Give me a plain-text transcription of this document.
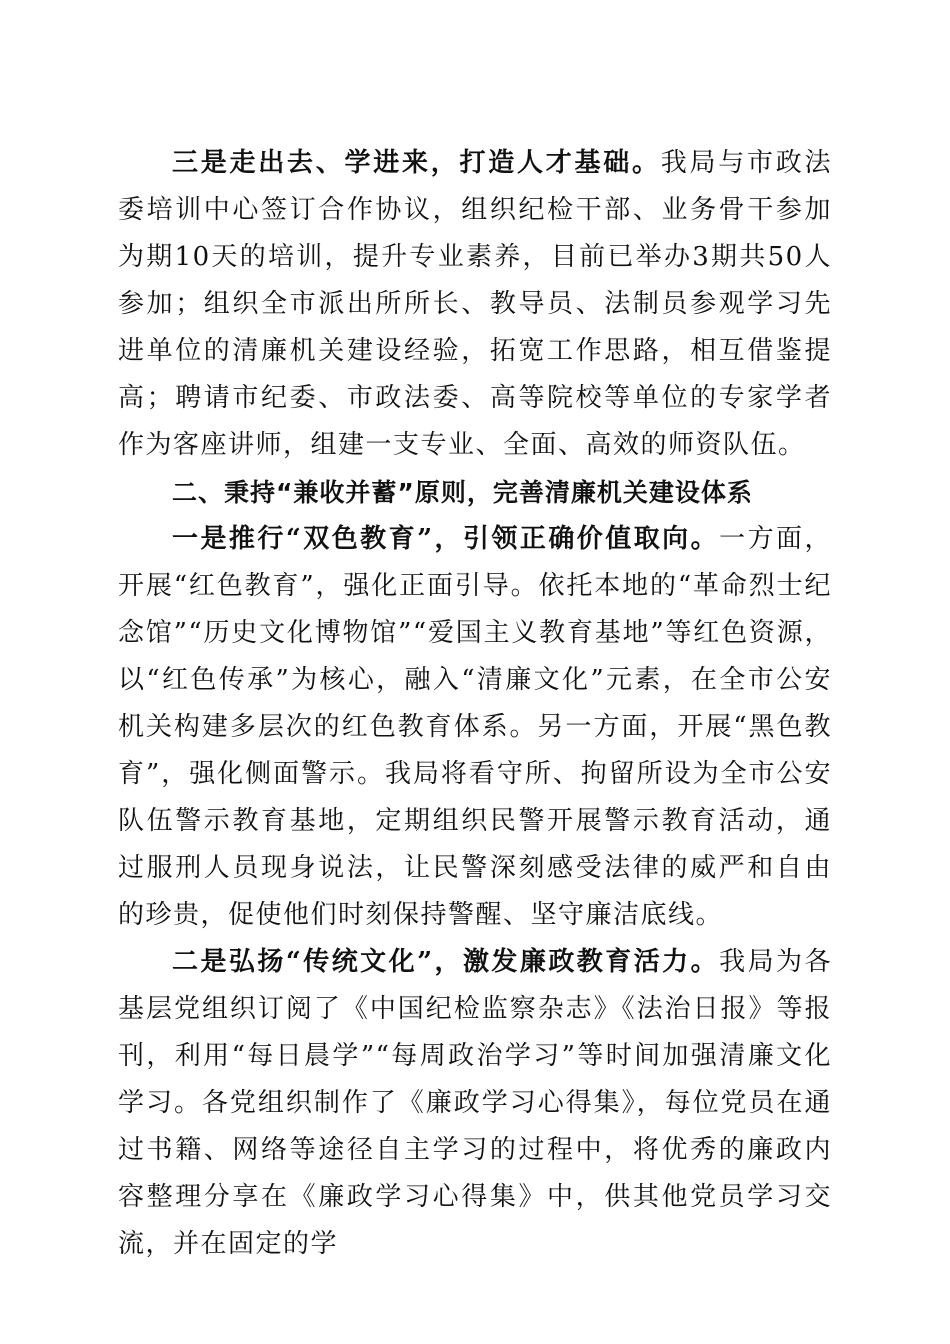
三是走出去、学进来，打造人才基础。我局与市政法委培训中心签订合作协议，组织纪检干部、业务骨干参加为期10天的培训，提升专业素养，目前已举办3期共50人参加；组织全市派出所所长、教导员、法制员参观学习先进单位的清廉机关建设经验，拓宽工作思路，相互借鉴提高；聘请市纪委、市政法委、高等院校等单位的专家学者作为客座讲师，组建一支专业、全面、高效的师资队伍。

二、秉持“兼收并蓄”原则，完善清廉机关建设体系

一是推行“双色教育”，引领正确价值取向。一方面，开展“红色教育”，强化正面引导。依托本地的“革命烈士纪念馆”“历史文化博物馆”“爱国主义教育基地”等红色资源，以“红色传承”为核心，融入“清廉文化”元素，在全市公安机关构建多层次的红色教育体系。另一方面，开展“黑色教育”，强化侧面警示。我局将看守所、拘留所设为全市公安队伍警示教育基地，定期组织民警开展警示教育活动，通过服刑人员现身说法，让民警深刻感受法律的威严和自由的珍贵，促使他们时刻保持警醒、坚守廉洁底线。

二是弘扬“传统文化”，激发廉政教育活力。我局为各基层党组织订阅了《中国纪检监察杂志》《法治日报》等报刊，利用“每日晨学”“每周政治学习”等时间加强清廉文化学习。各党组织制作了《廉政学习心得集》，每位党员在通过书籍、网络等途径自主学习的过程中，将优秀的廉政内容整理分享在《廉政学习心得集》中，供其他党员学习交流，并在固定的学
